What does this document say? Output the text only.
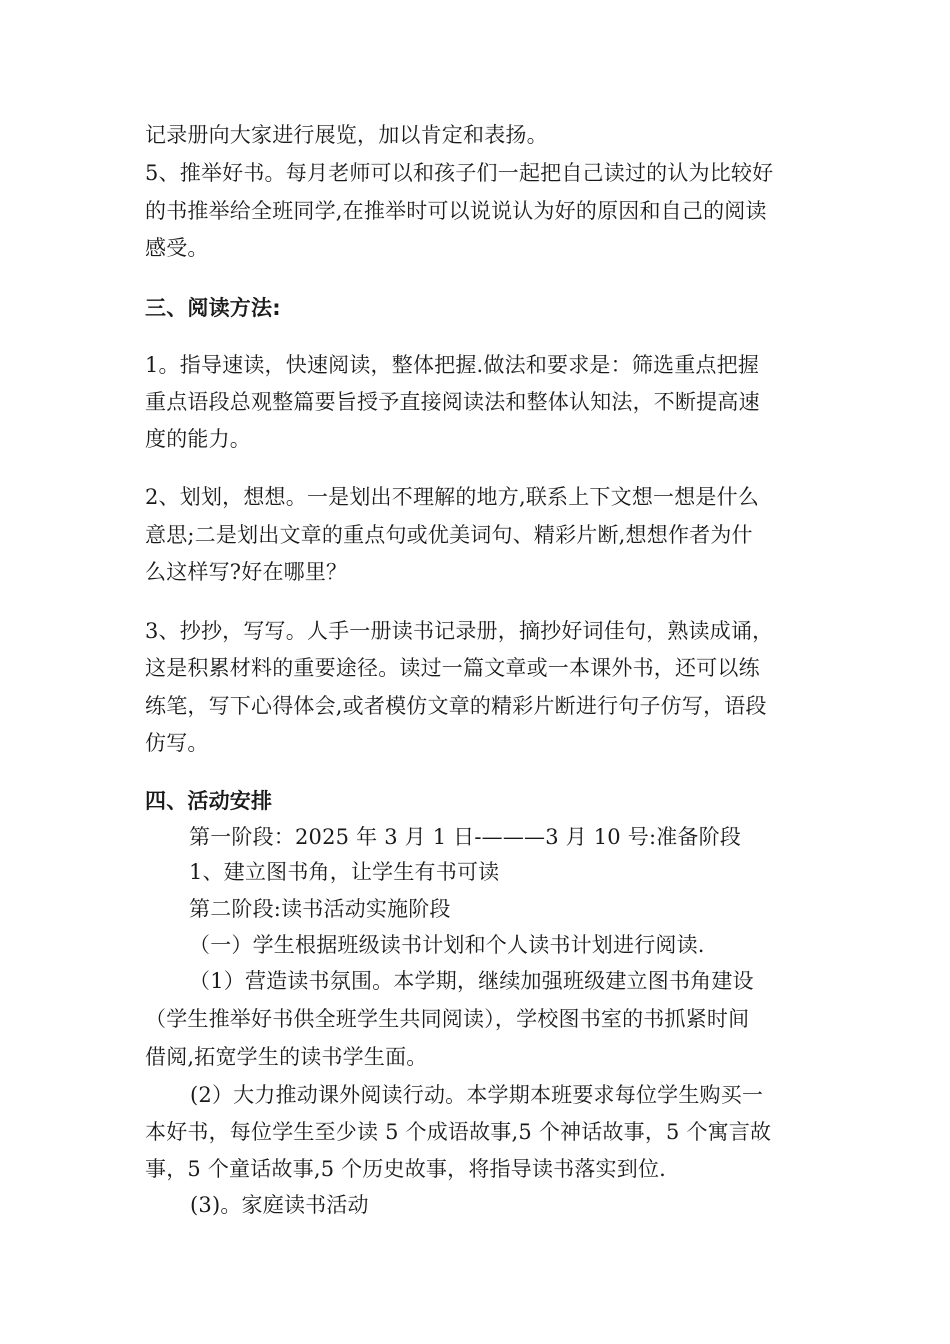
记录册向大家进行展览，加以肯定和表扬。
5、推举好书。每月老师可以和孩子们一起把自己读过的认为比较好
的书推举给全班同学,在推举时可以说说认为好的原因和自己的阅读
感受。
三、阅读方法:
1。指导速读，快速阅读，整体把握.做法和要求是：筛选重点把握
重点语段总观整篇要旨授予直接阅读法和整体认知法，不断提高速
度的能力。
2、划划，想想。一是划出不理解的地方,联系上下文想一想是什么
意思;二是划出文章的重点句或优美词句、精彩片断,想想作者为什
么这样写?好在哪里？
3、抄抄，写写。人手一册读书记录册，摘抄好词佳句，熟读成诵，
这是积累材料的重要途径。读过一篇文章或一本课外书，还可以练
练笔，写下心得体会,或者模仿文章的精彩片断进行句子仿写，语段
仿写。
四、活动安排
第一阶段：2025 年 3 月 1 日-———3 月 10 号:准备阶段
1、建立图书角，让学生有书可读
第二阶段:读书活动实施阶段
（一）学生根据班级读书计划和个人读书计划进行阅读.
（1）营造读书氛围。本学期，继续加强班级建立图书角建设
（学生推举好书供全班学生共同阅读），学校图书室的书抓紧时间
借阅,拓宽学生的读书学生面。
(2）大力推动课外阅读行动。本学期本班要求每位学生购买一
本好书，每位学生至少读 5 个成语故事,5 个神话故事，5 个寓言故
事，5 个童话故事,5 个历史故事，将指导读书落实到位.
(3)。家庭读书活动
